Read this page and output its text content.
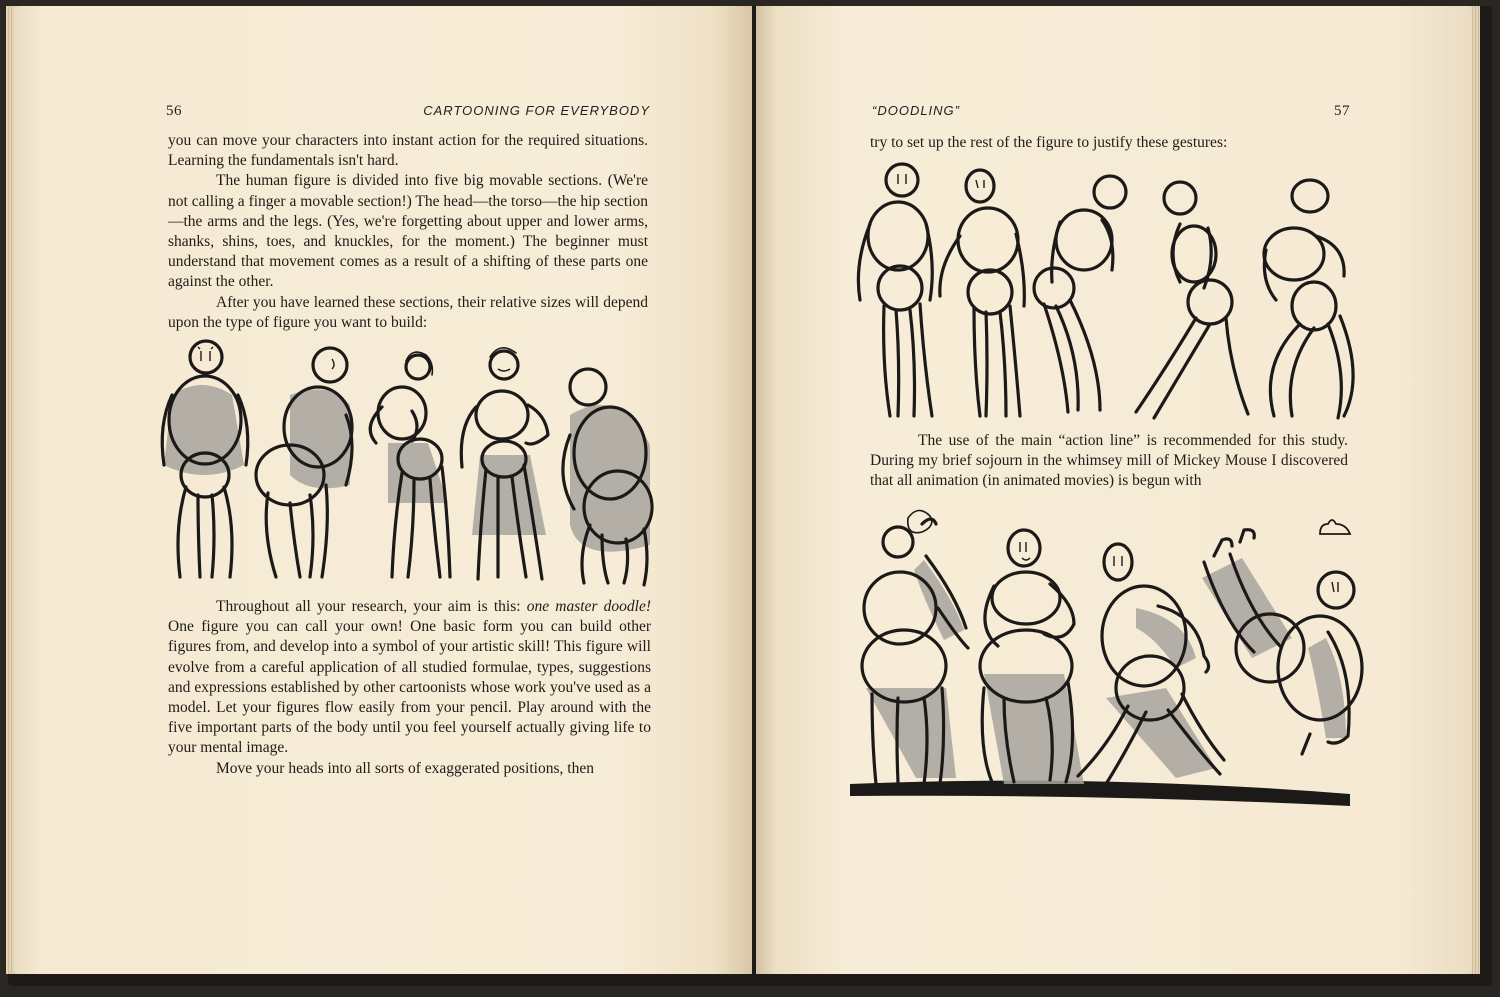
56	CARTOONING FOR EVERYBODY

you can move your characters into instant action for the required situations. Learning the fundamentals isn't hard.

The human figure is divided into five big movable sections. (We're not calling a finger a movable section!) The head—the torso—the hip section—the arms and the legs. (Yes, we're forgetting about upper and lower arms, shanks, shins, toes, and knuckles, for the moment.) The beginner must understand that movement comes as a result of a shifting of these parts one against the other.

After you have learned these sections, their relative sizes will depend upon the type of figure you want to build:

Throughout all your research, your aim is this: one master doodle! One figure you can call your own! One basic form you can build other figures from, and develop into a symbol of your artistic skill! This figure will evolve from a careful application of all studied formulae, types, suggestions and expressions established by other cartoonists whose work you've used as a model. Let your figures flow easily from your pencil. Play around with the five important parts of the body until you feel yourself actually giving life to your mental image.

Move your heads into all sorts of exaggerated positions, then

“DOODLING”	57

try to set up the rest of the figure to justify these gestures:

The use of the main “action line” is recommended for this study. During my brief sojourn in the whimsey mill of Mickey Mouse I discovered that all animation (in animated movies) is begun with
